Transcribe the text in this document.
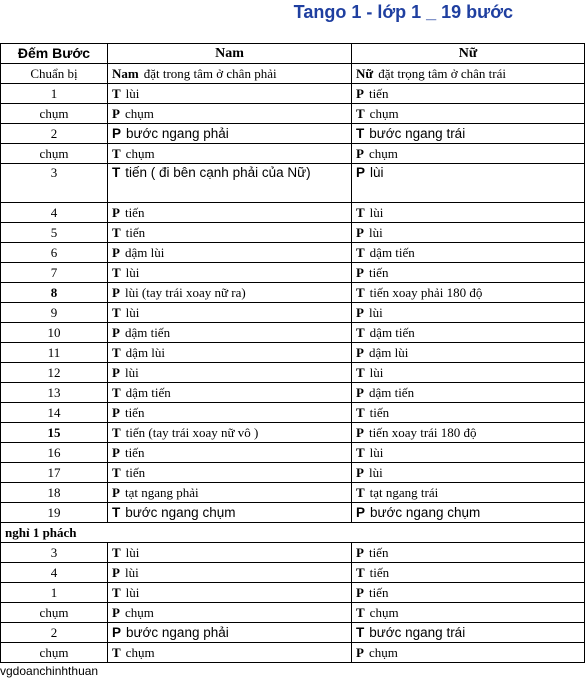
Tango 1 - lớp 1 _ 19 bước
Đếm Bước	Nam	Nữ
Chuẩn bị	Nam đặt trong tâm ở chân phải	Nữ đặt trọng tâm ở chân trái
1	T lùi	P tiến
chụm	P chụm	T chụm
2	P bước ngang phải	T bước ngang trái
chụm	T chụm	P chụm
3	T tiến ( đi bên cạnh phải của Nữ)	P lùi
4	P tiến	T lùi
5	T tiến	P lùi
6	P dậm lùi	T dậm tiến
7	T lùi	P tiến
8	P lùi (tay trái xoay nữ ra)	T tiến xoay phải 180 độ
9	T lùi	P lùi
10	P dậm tiến	T dậm tiến
11	T dậm lùi	P dậm lùi
12	P lùi	T lùi
13	T dậm tiến	P dậm tiến
14	P tiến	T tiến
15	T tiến (tay trái xoay nữ vô )	P tiến xoay trái 180 độ
16	P tiến	T lùi
17	T tiến	P lùi
18	P tạt ngang phải	T tạt ngang trái
19	T bước ngang chụm	P bước ngang chụm
nghỉ 1 phách		
3	T lùi	P tiến
4	P lùi	T tiến
1	T lùi	P tiến
chụm	P chụm	T chụm
2	P bước ngang phải	T bước ngang trái
chụm	T chụm	P chụm
vgdoanchinhthuan
